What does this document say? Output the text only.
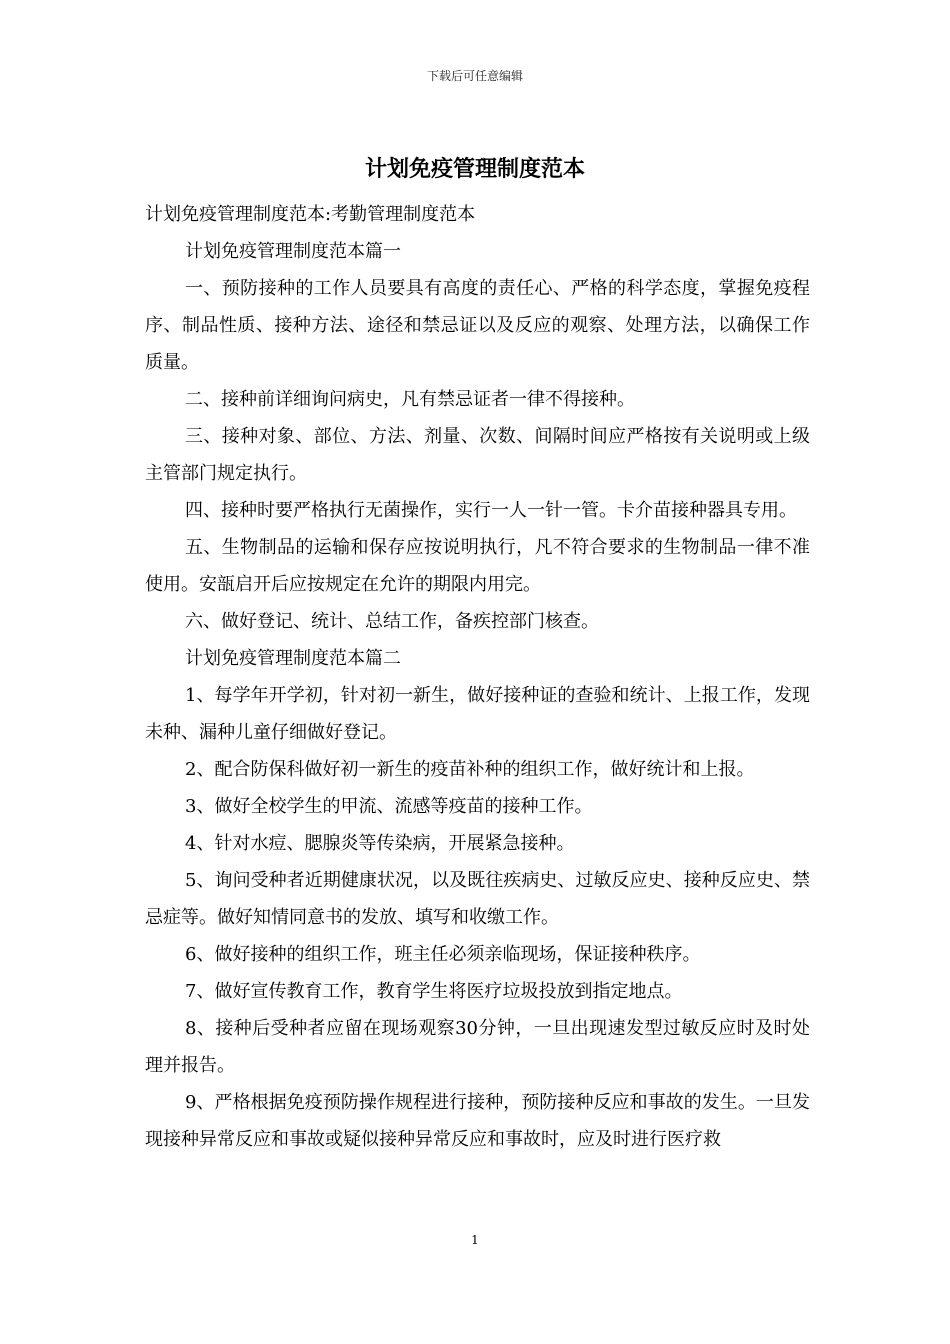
下载后可任意编辑
计划免疫管理制度范本

计划免疫管理制度范本:考勤管理制度范本

计划免疫管理制度范本篇一

一、预防接种的工作人员要具有高度的责任心、严格的科学态度，掌握免疫程序、制品性质、接种方法、途径和禁忌证以及反应的观察、处理方法，以确保工作质量。

二、接种前详细询问病史，凡有禁忌证者一律不得接种。

三、接种对象、部位、方法、剂量、次数、间隔时间应严格按有关说明或上级主管部门规定执行。

四、接种时要严格执行无菌操作，实行一人一针一管。卡介苗接种器具专用。

五、生物制品的运输和保存应按说明执行，凡不符合要求的生物制品一律不准使用。安瓿启开后应按规定在允许的期限内用完。

六、做好登记、统计、总结工作，备疾控部门核查。

计划免疫管理制度范本篇二

1、每学年开学初，针对初一新生，做好接种证的查验和统计、上报工作，发现未种、漏种儿童仔细做好登记。

2、配合防保科做好初一新生的疫苗补种的组织工作，做好统计和上报。

3、做好全校学生的甲流、流感等疫苗的接种工作。

4、针对水痘、腮腺炎等传染病，开展紧急接种。

5、询问受种者近期健康状况，以及既往疾病史、过敏反应史、接种反应史、禁忌症等。做好知情同意书的发放、填写和收缴工作。

6、做好接种的组织工作，班主任必须亲临现场，保证接种秩序。

7、做好宣传教育工作，教育学生将医疗垃圾投放到指定地点。

8、接种后受种者应留在现场观察30分钟，一旦出现速发型过敏反应时及时处理并报告。

9、严格根据免疫预防操作规程进行接种，预防接种反应和事故的发生。一旦发现接种异常反应和事故或疑似接种异常反应和事故时，应及时进行医疗救

1
